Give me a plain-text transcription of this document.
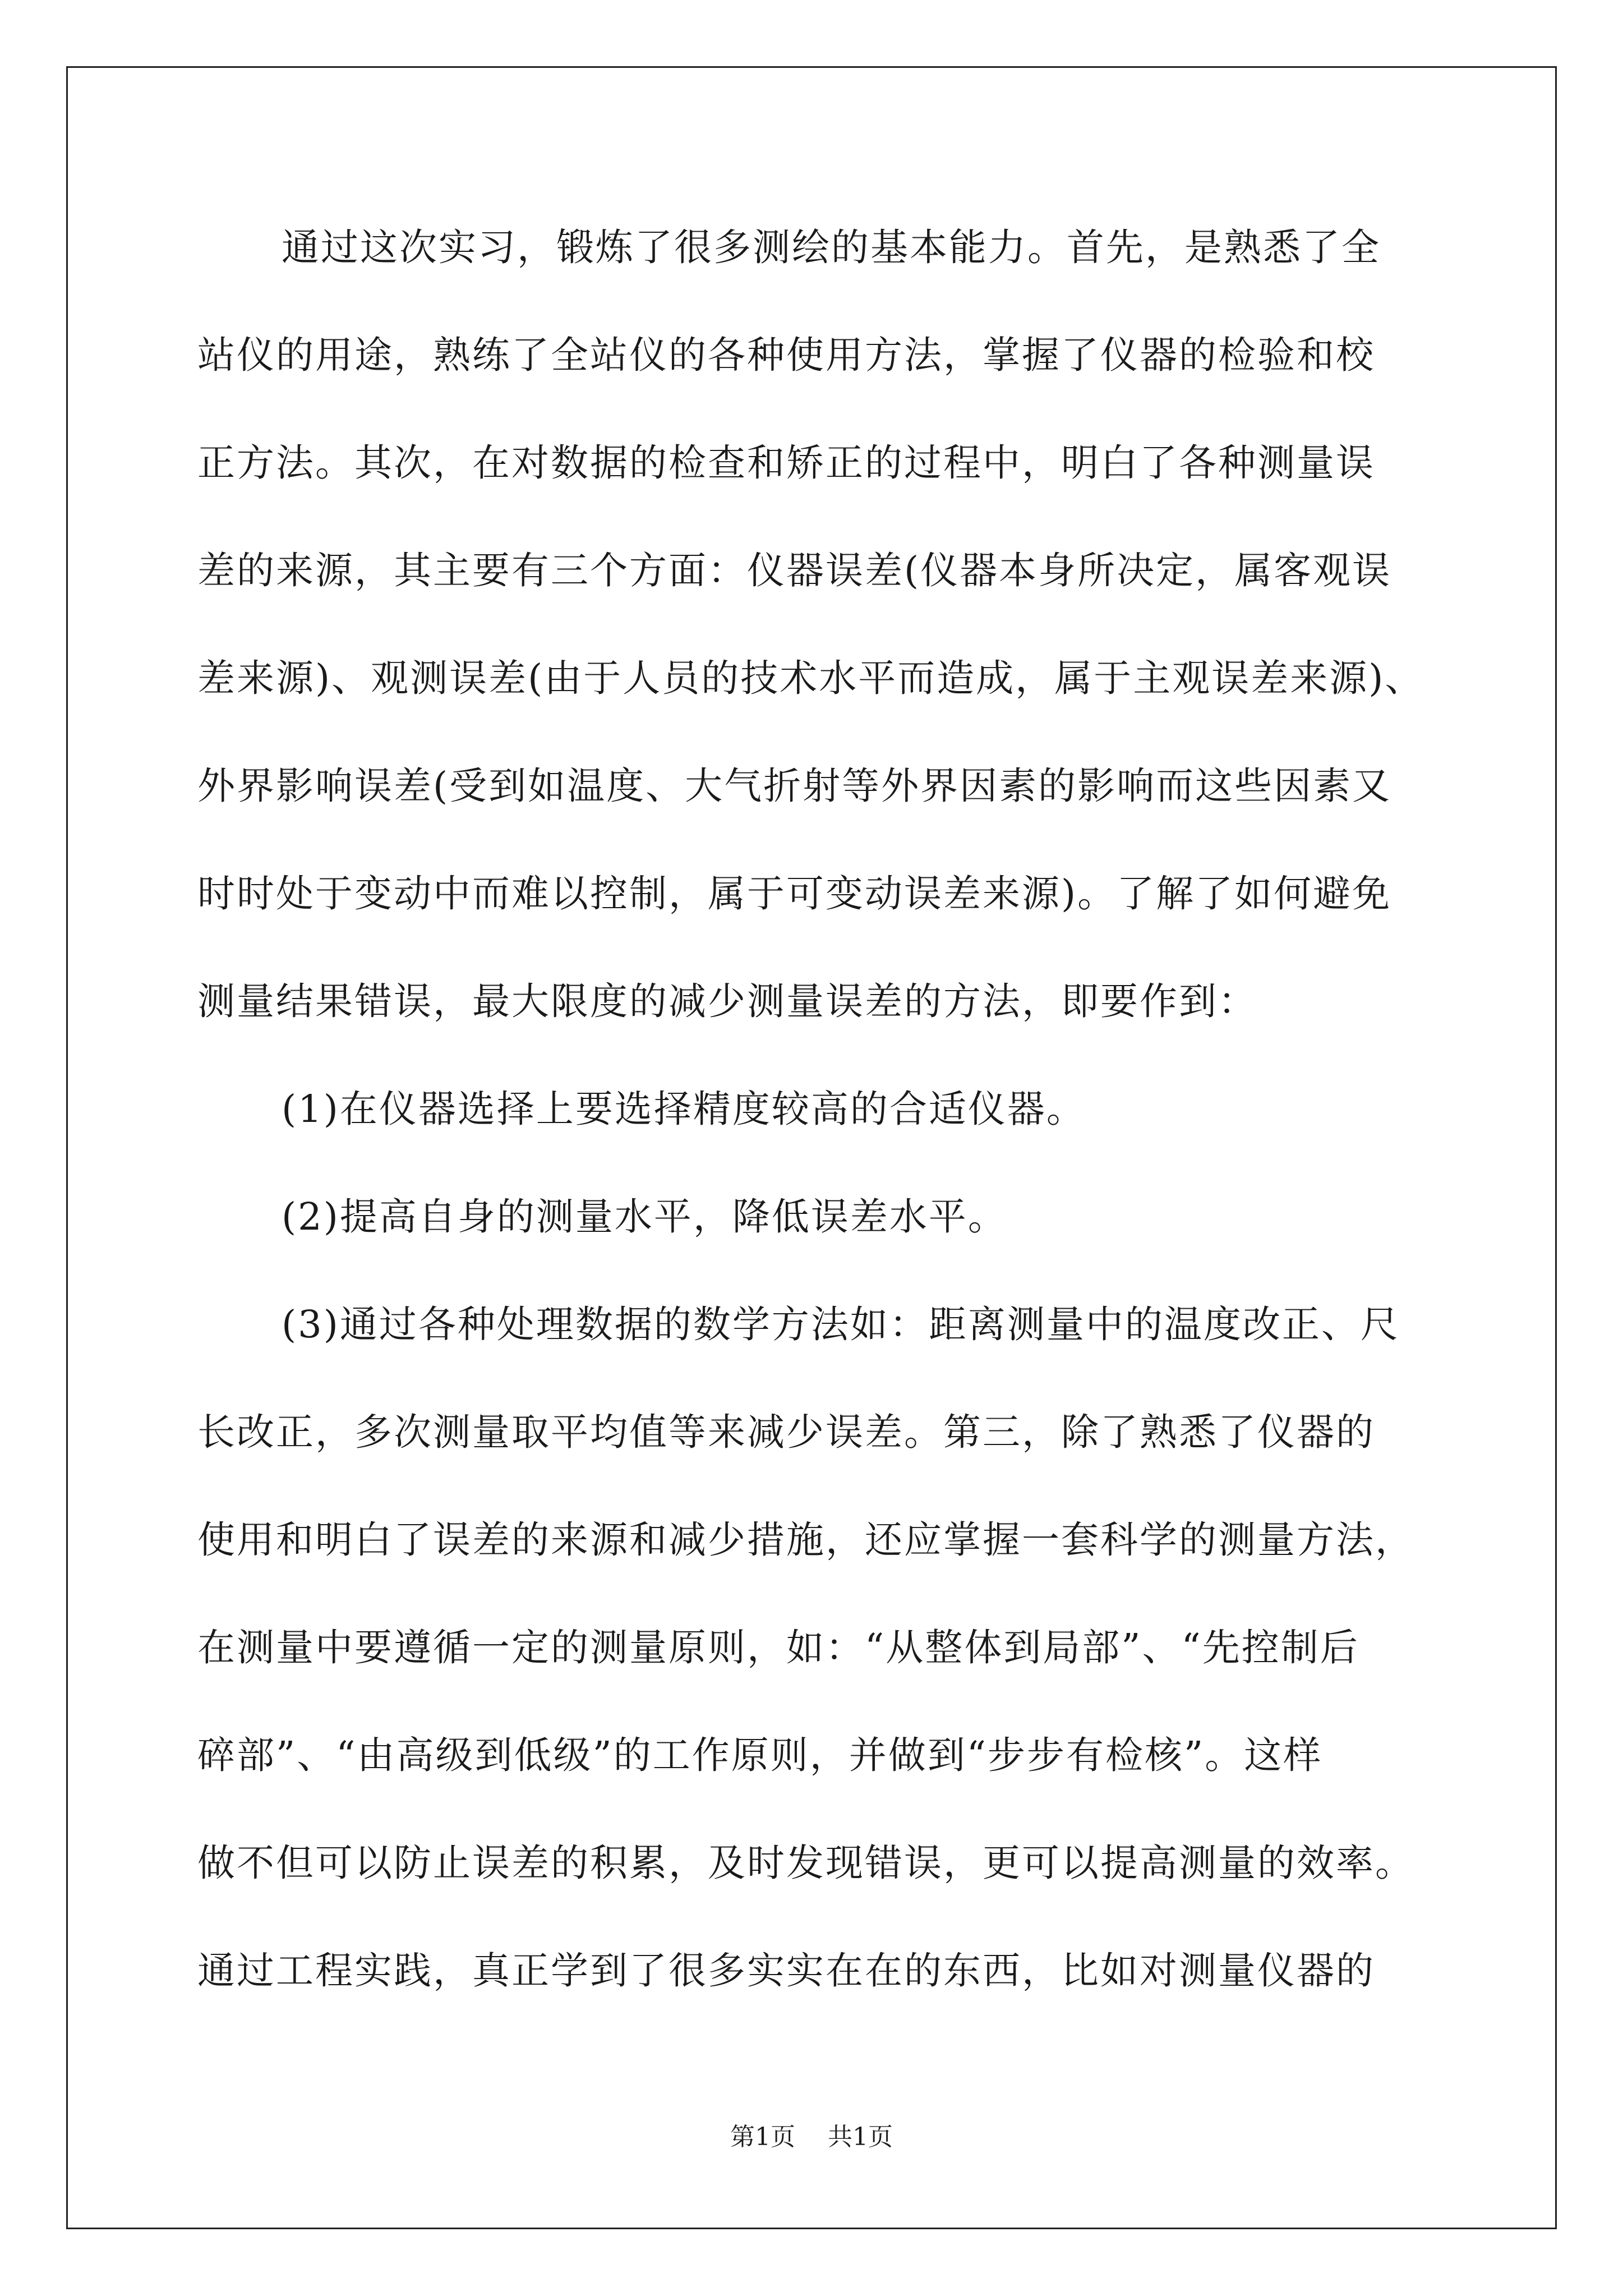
通过这次实习，锻炼了很多测绘的基本能力。首先，是熟悉了全
站仪的用途，熟练了全站仪的各种使用方法，掌握了仪器的检验和校
正方法。其次，在对数据的检查和矫正的过程中，明白了各种测量误
差的来源，其主要有三个方面：仪器误差(仪器本身所决定，属客观误
差来源)、观测误差(由于人员的技术水平而造成，属于主观误差来源)、
外界影响误差(受到如温度、大气折射等外界因素的影响而这些因素又
时时处于变动中而难以控制，属于可变动误差来源)。了解了如何避免
测量结果错误，最大限度的减少测量误差的方法，即要作到：
(1)在仪器选择上要选择精度较高的合适仪器。
(2)提高自身的测量水平，降低误差水平。
(3)通过各种处理数据的数学方法如：距离测量中的温度改正、尺
长改正，多次测量取平均值等来减少误差。第三，除了熟悉了仪器的
使用和明白了误差的来源和减少措施，还应掌握一套科学的测量方法，
在测量中要遵循一定的测量原则，如：“从整体到局部”、“先控制后
碎部”、“由高级到低级”的工作原则，并做到“步步有检核”。这样
做不但可以防止误差的积累，及时发现错误，更可以提高测量的效率。
通过工程实践，真正学到了很多实实在在的东西，比如对测量仪器的
第1页 共1页
